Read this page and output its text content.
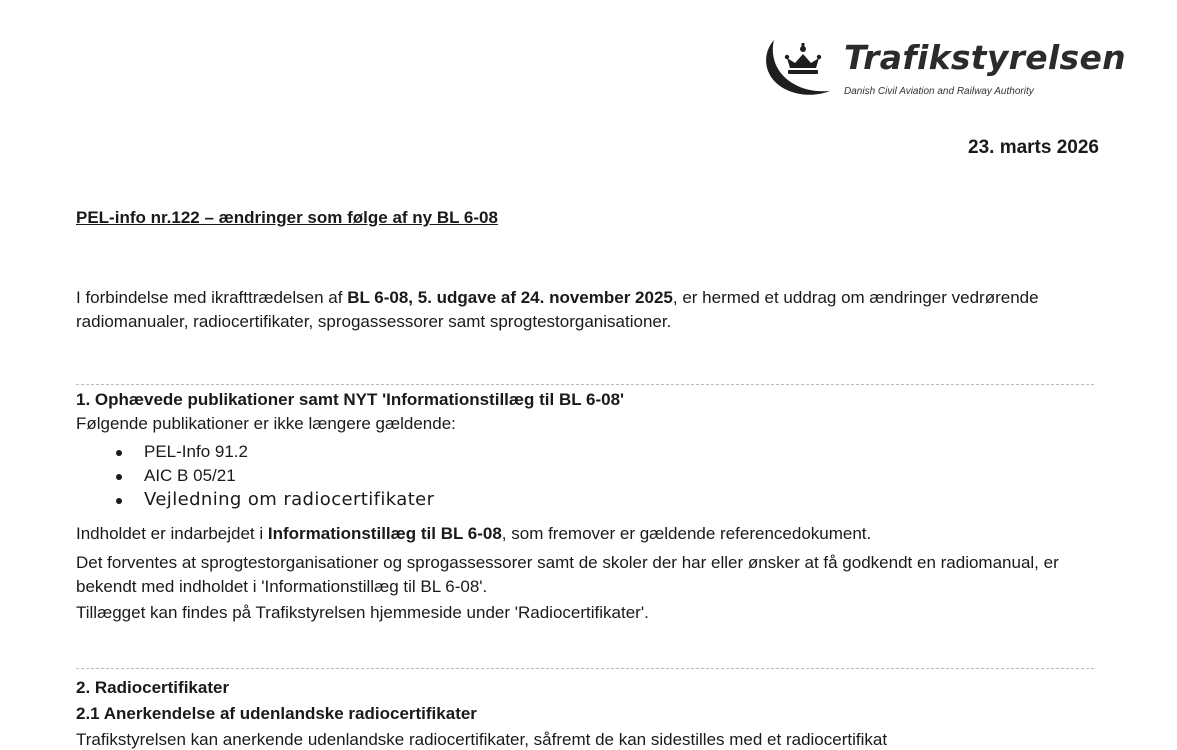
Trafikstyrelsen
Danish Civil Aviation and Railway Authority
23. marts 2026
PEL-info nr.122 – ændringer som følge af ny BL 6-08

I forbindelse med ikrafttrædelsen af BL 6-08, 5. udgave af 24. november 2025, er hermed et uddrag om ændringer vedrørende radiomanualer, radiocertifikater, sprogassessorer samt sprogtestorganisationer.

1. Ophævede publikationer samt NYT 'Informationstillæg til BL 6-08'
Følgende publikationer er ikke længere gældende:
PEL-Info 91.2
AIC B 05/21
Vejledning om radiocertifikater
Indholdet er indarbejdet i Informationstillæg til BL 6-08, som fremover er gældende referencedokument.

Det forventes at sprogtestorganisationer og sprogassessorer samt de skoler der har eller ønsker at få godkendt en radiomanual, er bekendt med indholdet i 'Informationstillæg til BL 6-08'.

Tillægget kan findes på Trafikstyrelsen hjemmeside under 'Radiocertifikater'.
2. Radiocertifikater
2.1 Anerkendelse af udenlandske radiocertifikater
Trafikstyrelsen kan anerkende udenlandske radiocertifikater, såfremt de kan sidestilles med et radiocertifikat
